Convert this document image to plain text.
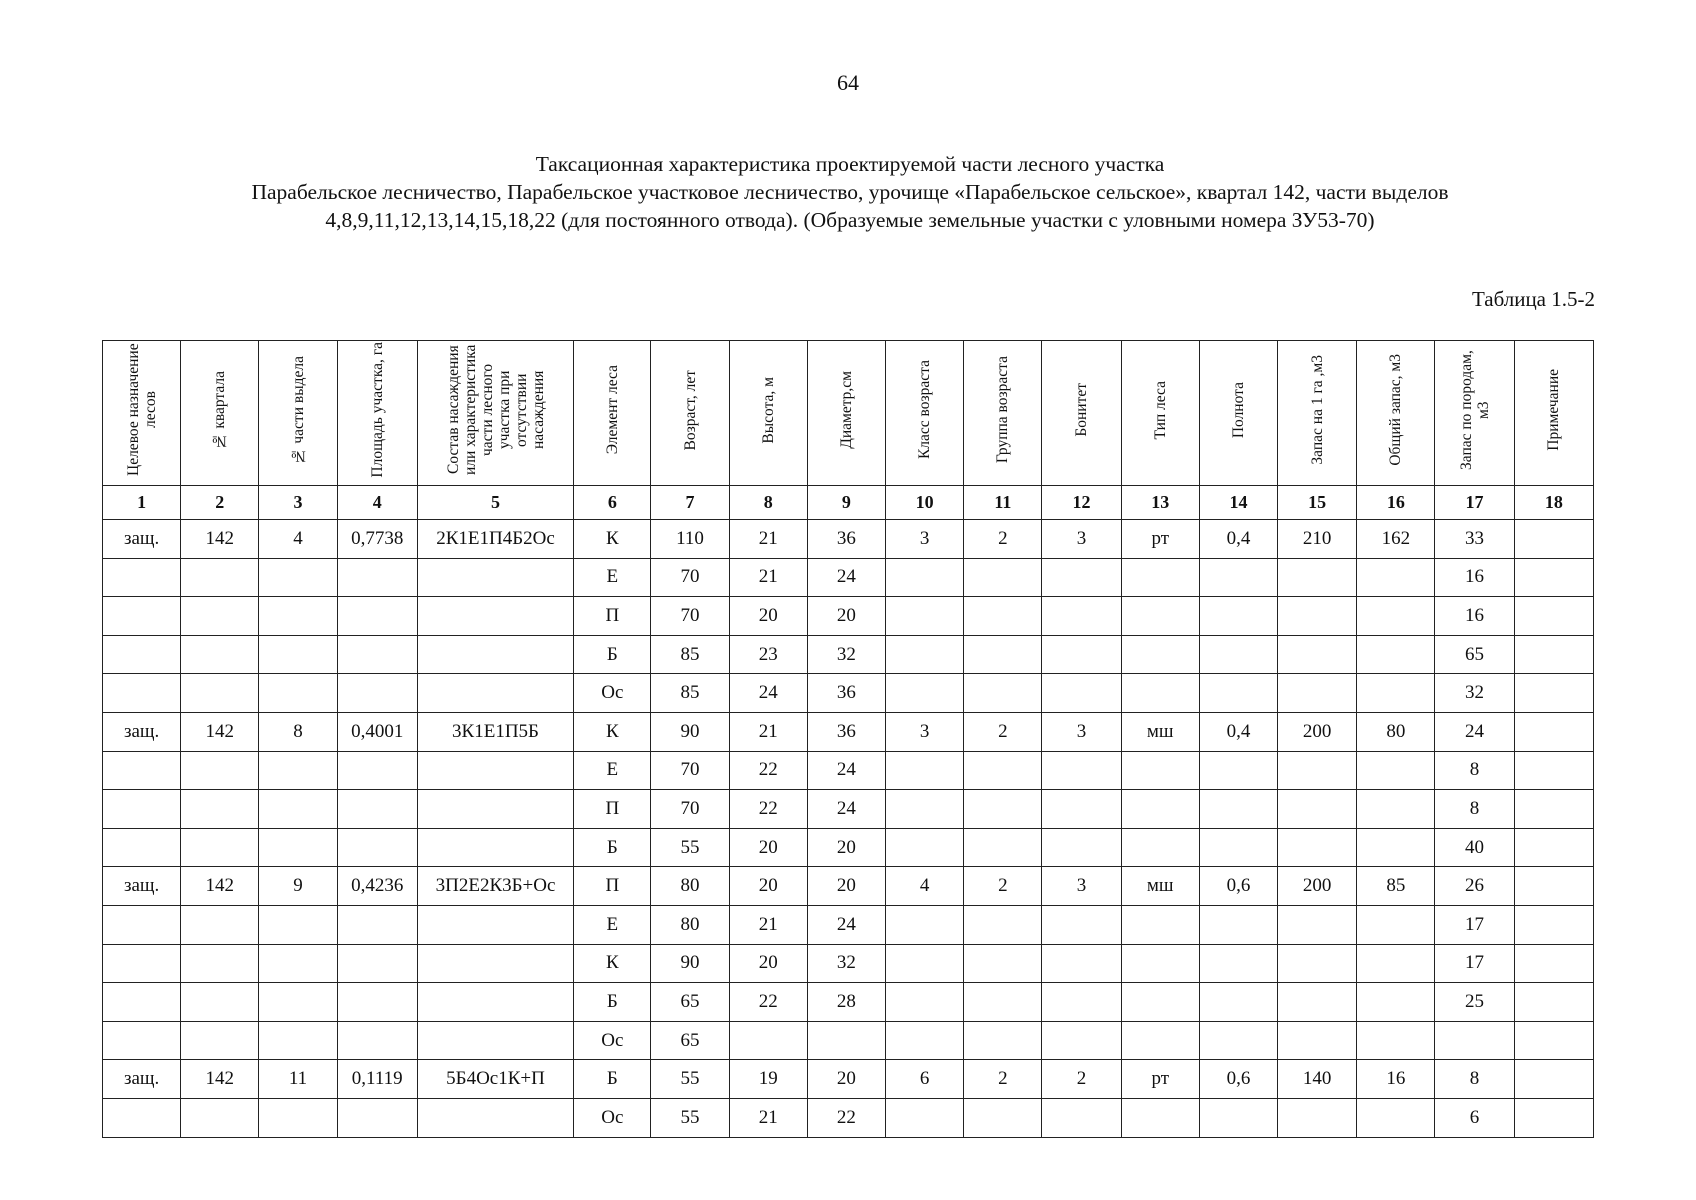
64
Таксационная характеристика проектируемой части лесного участка
Парабельское лесничество, Парабельское участковое лесничество, урочище «Парабельское сельское», квартал 142, части выделов
4,8,9,11,12,13,14,15,18,22 (для постоянного отвода). (Образуемые земельные участки с уловными номера ЗУ53-70)
Таблица 1.5-2
Целевое назначение лесов	№ квартала	№ части выдела	Площадь участка, га	Состав насаждения или характеристика части лесного участка при отсутствии насаждения	Элемент леса	Возраст, лет	Высота, м	Диаметр,см	Класс возраста	Группа возраста	Бонитет	Тип леса	Полнота	Запас на 1 га ,м3	Общий запас, м3	Запас по породам, м3	Примечание
1	2	3	4	5	6	7	8	9	10	11	12	13	14	15	16	17	18
защ.	142	4	0,7738	2К1Е1П4Б2Ос	К	110	21	36	3	2	3	рт	0,4	210	162	33	
					Е	70	21	24								16	
					П	70	20	20								16	
					Б	85	23	32								65	
					Ос	85	24	36								32	
защ.	142	8	0,4001	3К1Е1П5Б	К	90	21	36	3	2	3	мш	0,4	200	80	24	
					Е	70	22	24								8	
					П	70	22	24								8	
					Б	55	20	20								40	
защ.	142	9	0,4236	3П2Е2К3Б+Ос	П	80	20	20	4	2	3	мш	0,6	200	85	26	
					Е	80	21	24								17	
					К	90	20	32								17	
					Б	65	22	28								25	
					Ос	65											
защ.	142	11	0,1119	5Б4Ос1К+П	Б	55	19	20	6	2	2	рт	0,6	140	16	8	
					Ос	55	21	22								6	
